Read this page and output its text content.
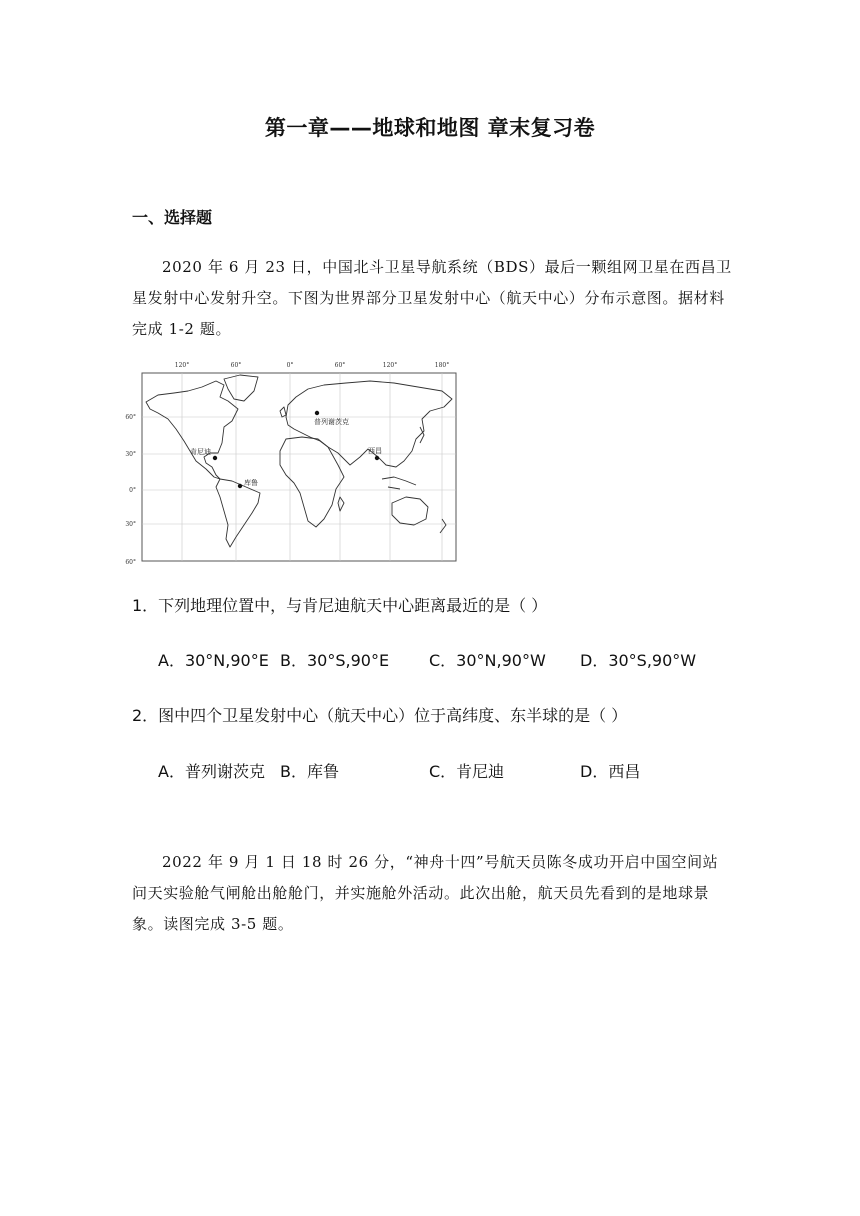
第一章——地球和地图 章末复习卷
一、选择题
2020 年 6 月 23 日，中国北斗卫星导航系统（BDS）最后一颗组网卫星在西昌卫星发射中心发射升空。下图为世界部分卫星发射中心（航天中心）分布示意图。据材料完成 1-2 题。
120°	60°	0°	60°	120°	180°
60°
30°
0°
30°
60°
普列谢茨克
肯尼迪
库鲁
西昌
1．下列地理位置中，与肯尼迪航天中心距离最近的是（ ）
A．30°N,90°E B．30°S,90°E C．30°N,90°W D．30°S,90°W
2．图中四个卫星发射中心（航天中心）位于高纬度、东半球的是（ ）
A．普列谢茨克 B．库鲁	C．肯尼迪	D．西昌
2022 年 9 月 1 日 18 时 26 分，“神舟十四”号航天员陈冬成功开启中国空间站问天实验舱气闸舱出舱舱门，并实施舱外活动。此次出舱，航天员先看到的是地球景象。读图完成 3-5 题。
